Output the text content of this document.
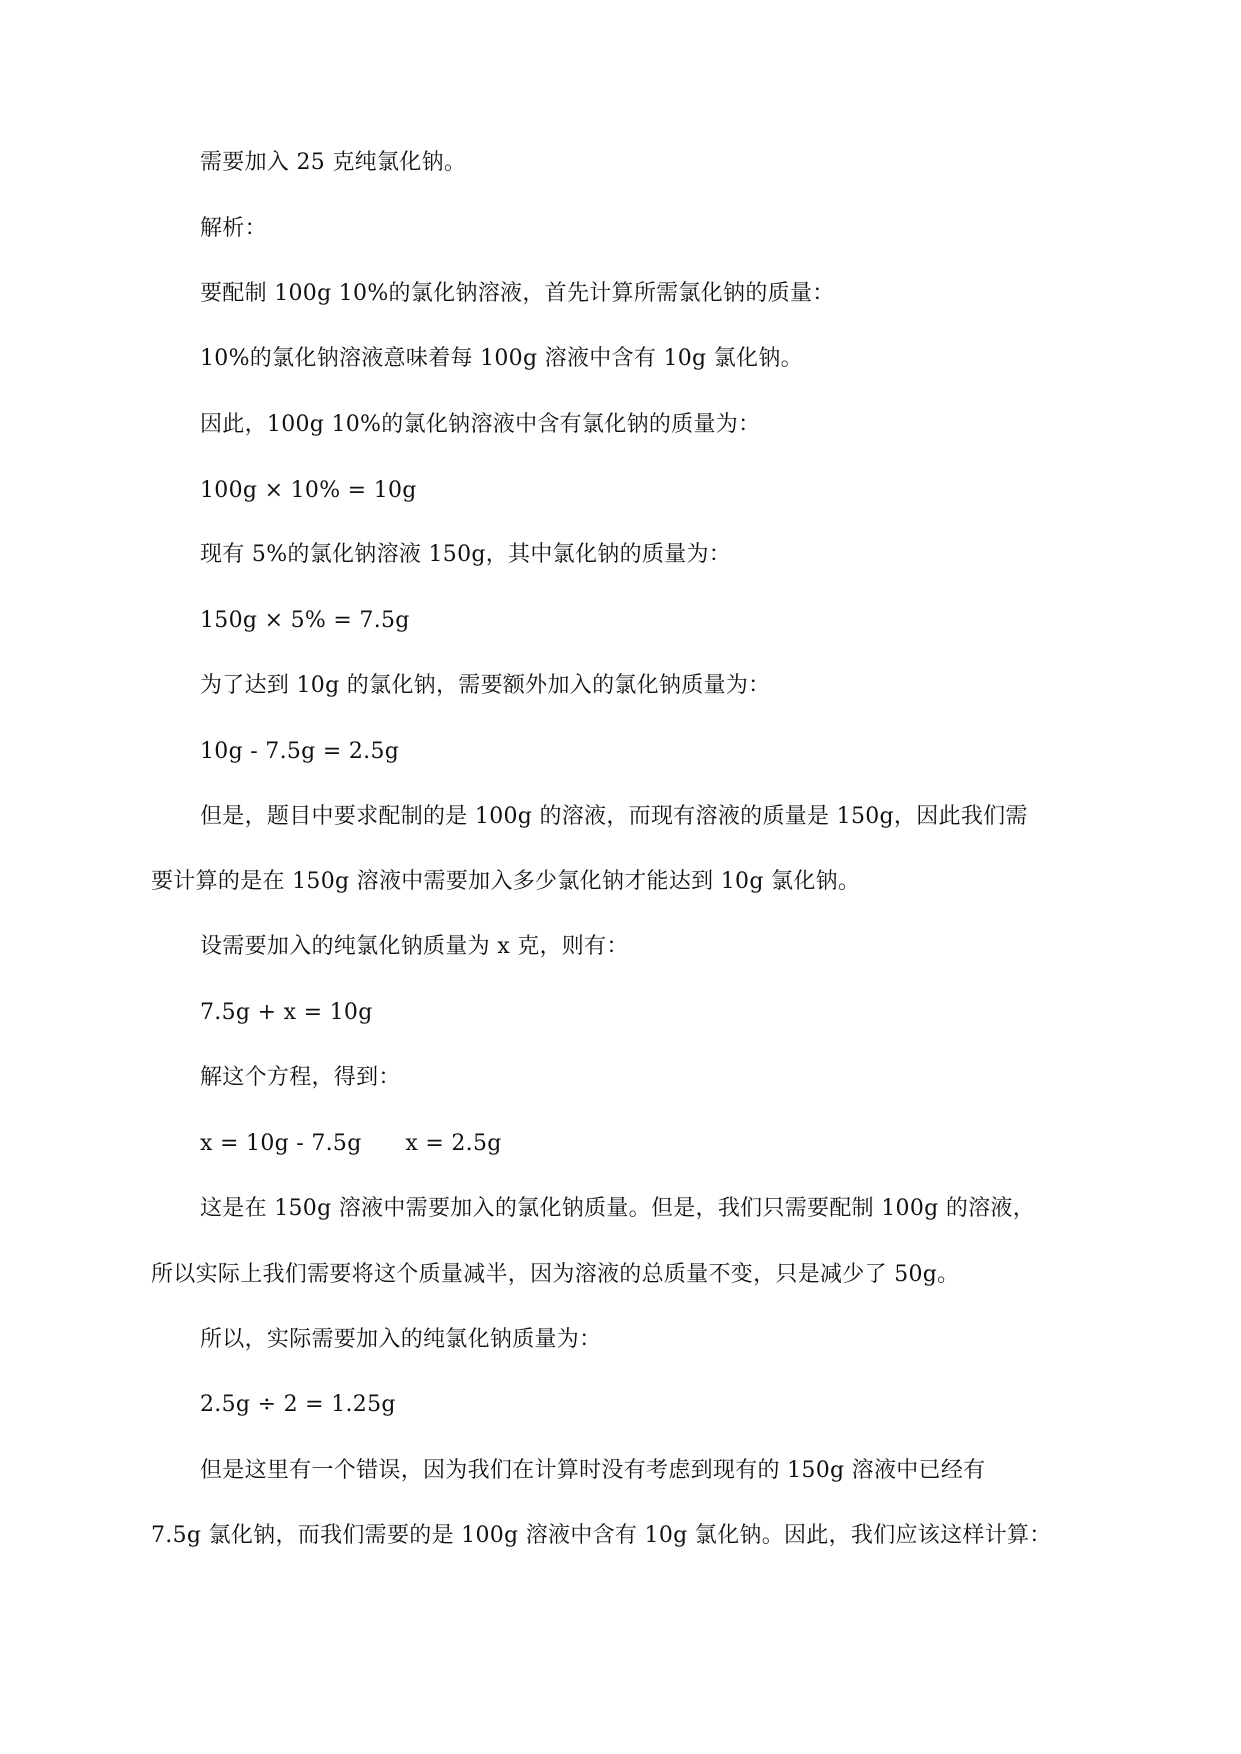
需要加入 25 克纯氯化钠。
解析：
要配制 100g 10%的氯化钠溶液，首先计算所需氯化钠的质量：
10%的氯化钠溶液意味着每 100g 溶液中含有 10g 氯化钠。
因此，100g 10%的氯化钠溶液中含有氯化钠的质量为：
100g × 10% = 10g
现有 5%的氯化钠溶液 150g，其中氯化钠的质量为：
150g × 5% = 7.5g
为了达到 10g 的氯化钠，需要额外加入的氯化钠质量为：
10g - 7.5g = 2.5g
但是，题目中要求配制的是 100g 的溶液，而现有溶液的质量是 150g，因此我们需
要计算的是在 150g 溶液中需要加入多少氯化钠才能达到 10g 氯化钠。
设需要加入的纯氯化钠质量为 x 克，则有：
7.5g + x = 10g
解这个方程，得到：
x = 10g - 7.5g      x = 2.5g
这是在 150g 溶液中需要加入的氯化钠质量。但是，我们只需要配制 100g 的溶液，
所以实际上我们需要将这个质量减半，因为溶液的总质量不变，只是减少了 50g。
所以，实际需要加入的纯氯化钠质量为：
2.5g ÷ 2 = 1.25g
但是这里有一个错误，因为我们在计算时没有考虑到现有的 150g 溶液中已经有
7.5g 氯化钠，而我们需要的是 100g 溶液中含有 10g 氯化钠。因此，我们应该这样计算：
